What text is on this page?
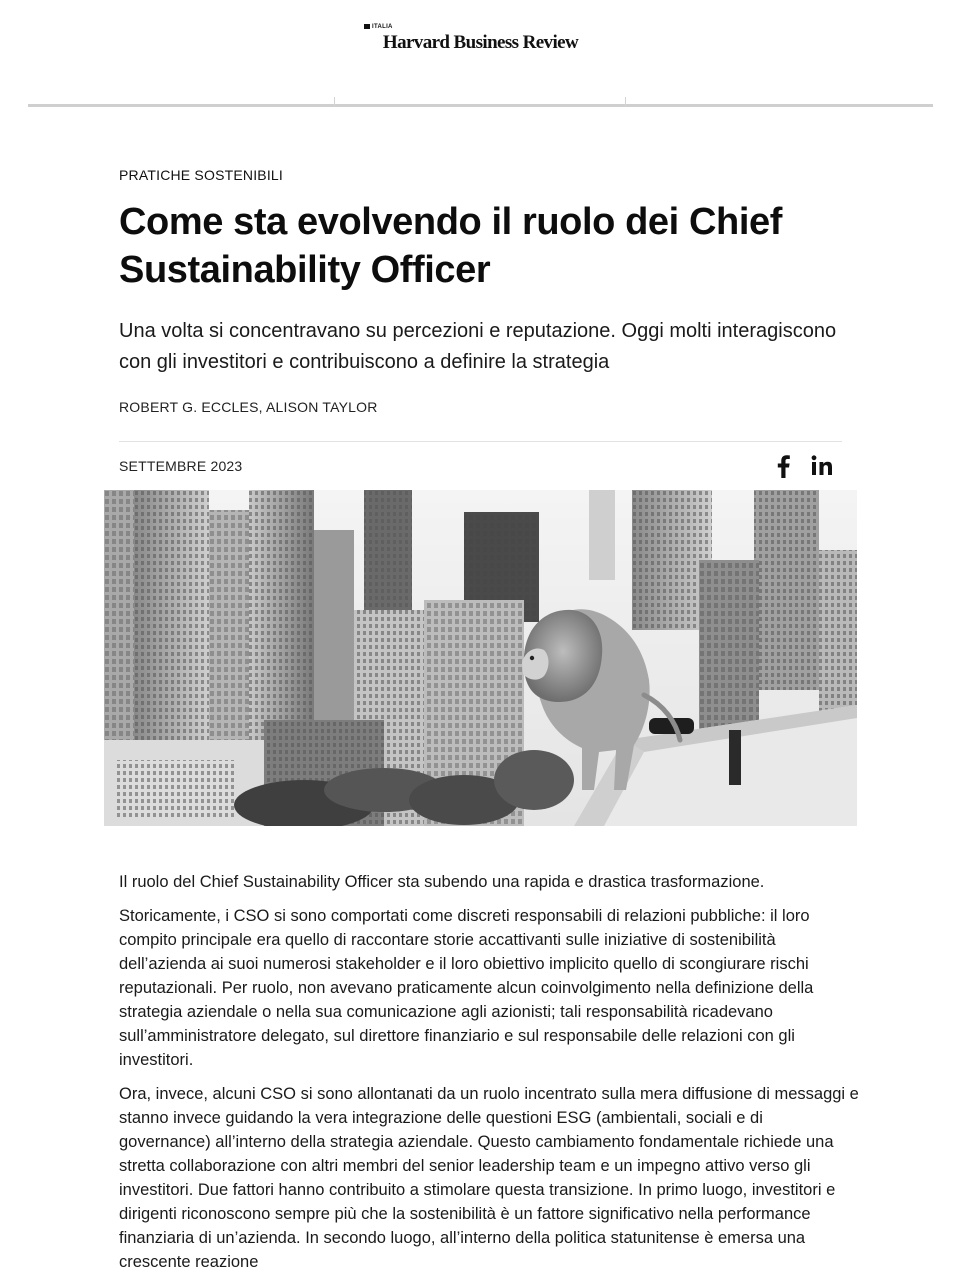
Harvard Business Review
ITALIA
PRATICHE SOSTENIBILI
Come sta evolvendo il ruolo dei Chief Sustainability Officer

Una volta si concentravano su percezioni e reputazione. Oggi molti interagiscono con gli investitori e contribuiscono a definire la strategia

ROBERT G. ECCLES, ALISON TAYLOR
SETTEMBRE 2023

Il ruolo del Chief Sustainability Officer sta subendo una rapida e drastica trasformazione.

Storicamente, i CSO si sono comportati come discreti responsabili di relazioni pubbliche: il loro compito principale era quello di raccontare storie accattivanti sulle iniziative di sostenibilità dell’azienda ai suoi numerosi stakeholder e il loro obiettivo implicito quello di scongiurare rischi reputazionali. Per ruolo, non avevano praticamente alcun coinvolgimento nella definizione della strategia aziendale o nella sua comunicazione agli azionisti; tali responsabilità ricadevano sull’amministratore delegato, sul direttore finanziario e sul responsabile delle relazioni con gli investitori.

Ora, invece, alcuni CSO si sono allontanati da un ruolo incentrato sulla mera diffusione di messaggi e stanno invece guidando la vera integrazione delle questioni ESG (ambientali, sociali e di governance) all’interno della strategia aziendale. Questo cambiamento fondamentale richiede una stretta collaborazione con altri membri del senior leadership team e un impegno attivo verso gli investitori. Due fattori hanno contribuito a stimolare questa transizione. In primo luogo, investitori e dirigenti riconoscono sempre più che la sostenibilità è un fattore significativo nella performance finanziaria di un’azienda. In secondo luogo, all’interno della politica statunitense è emersa una crescente reazione
